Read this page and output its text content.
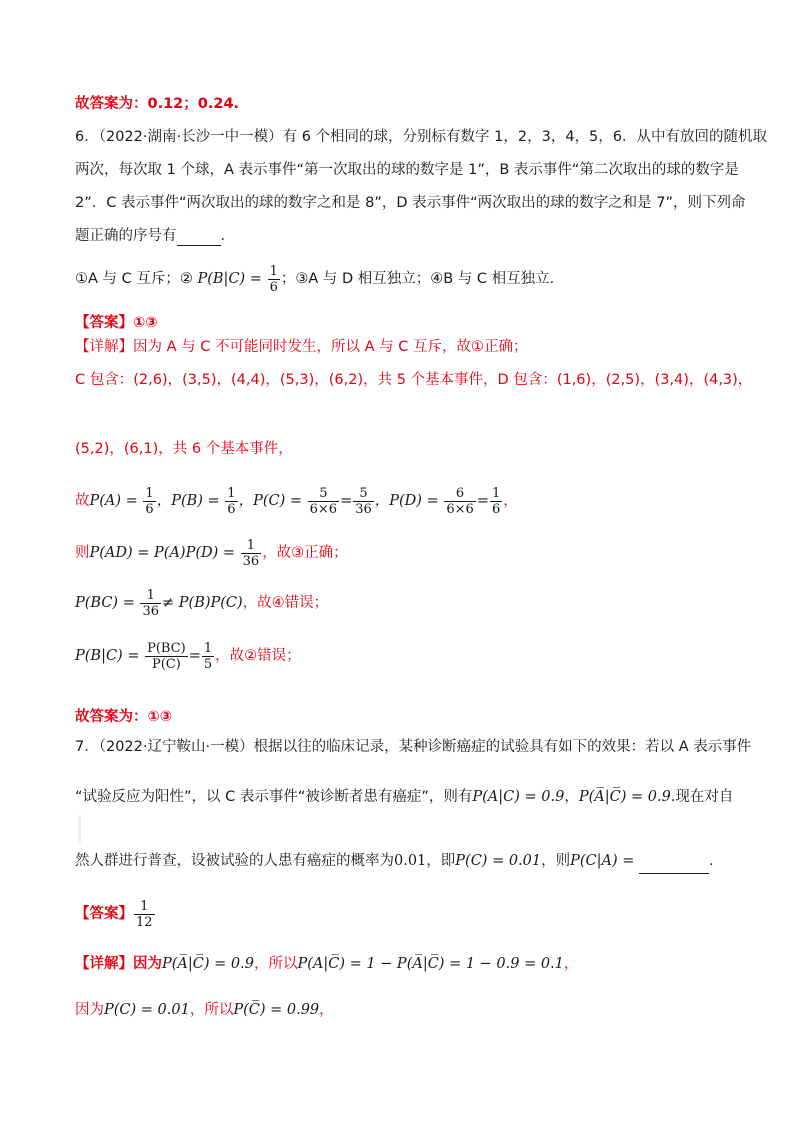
故答案为：0.12；0.24.
6．（2022·湖南·长沙一中一模）有 6 个相同的球，分别标有数字 1，2，3，4，5，6．从中有放回的随机取
两次，每次取 1 个球，A 表示事件“第一次取出的球的数字是 1”，B 表示事件“第二次取出的球的数字是
2”．C 表示事件“两次取出的球的数字之和是 8”，D 表示事件“两次取出的球的数字之和是 7”，则下列命
题正确的序号有	．
①A 与 C 互斥；② $P(B|C) = \frac{1}{6}$ ；③A 与 D 相互独立；④B 与 C 相互独立．
【答案】①③
【详解】因为 A 与 C 不可能同时发生，所以 A 与 C 互斥，故①正确；
C 包含：(2,6)，(3,5)，(4,4)，(5,3)，(6,2)，共 5 个基本事件，D 包含：(1,6)，(2,5)，(3,4)，(4,3)，
(5,2)，(6,1)，共 6 个基本事件，
故$P(A) = \frac{1}{6}$ ，$P(B) = \frac{1}{6}$ ，$P(C) = \frac{5}{6\times 6} = \frac{5}{36}$ ，$P(D) = \frac{6}{6\times 6} = \frac{1}{6}$ ，
则$P(AD) = P(A)P(D) = \frac{1}{36}$ ，故③正确；
$P(BC) = \frac{1}{36} \ne P(B)P(C)$，故④错误；
$P(B|C) = \frac{P(BC)}{P(C)} = \frac{1}{5}$ ，故②错误；
故答案为：①③
7．（2022·辽宁鞍山·一模）根据以往的临床记录，某种诊断癌症的试验具有如下的效果：若以 A 表示事件
“试验反应为阳性”，以 C 表示事件“被诊断者患有癌症”，则有P(A|C) = 0.9，P(A̅|C̅) = 0.9.现在对自
然人群进行普查，设被试验的人患有癌症的概率为0.01，即P(C) = 0.01，则P(C|A) =	.
【答案】 $\frac{1}{12}$
【详解】因为P(A̅|C̅) = 0.9，所以P(A|C̅) = 1 − P(A̅|C̅) = 1 − 0.9 = 0.1，
因为P(C) = 0.01，所以P(C̅) = 0.99，
